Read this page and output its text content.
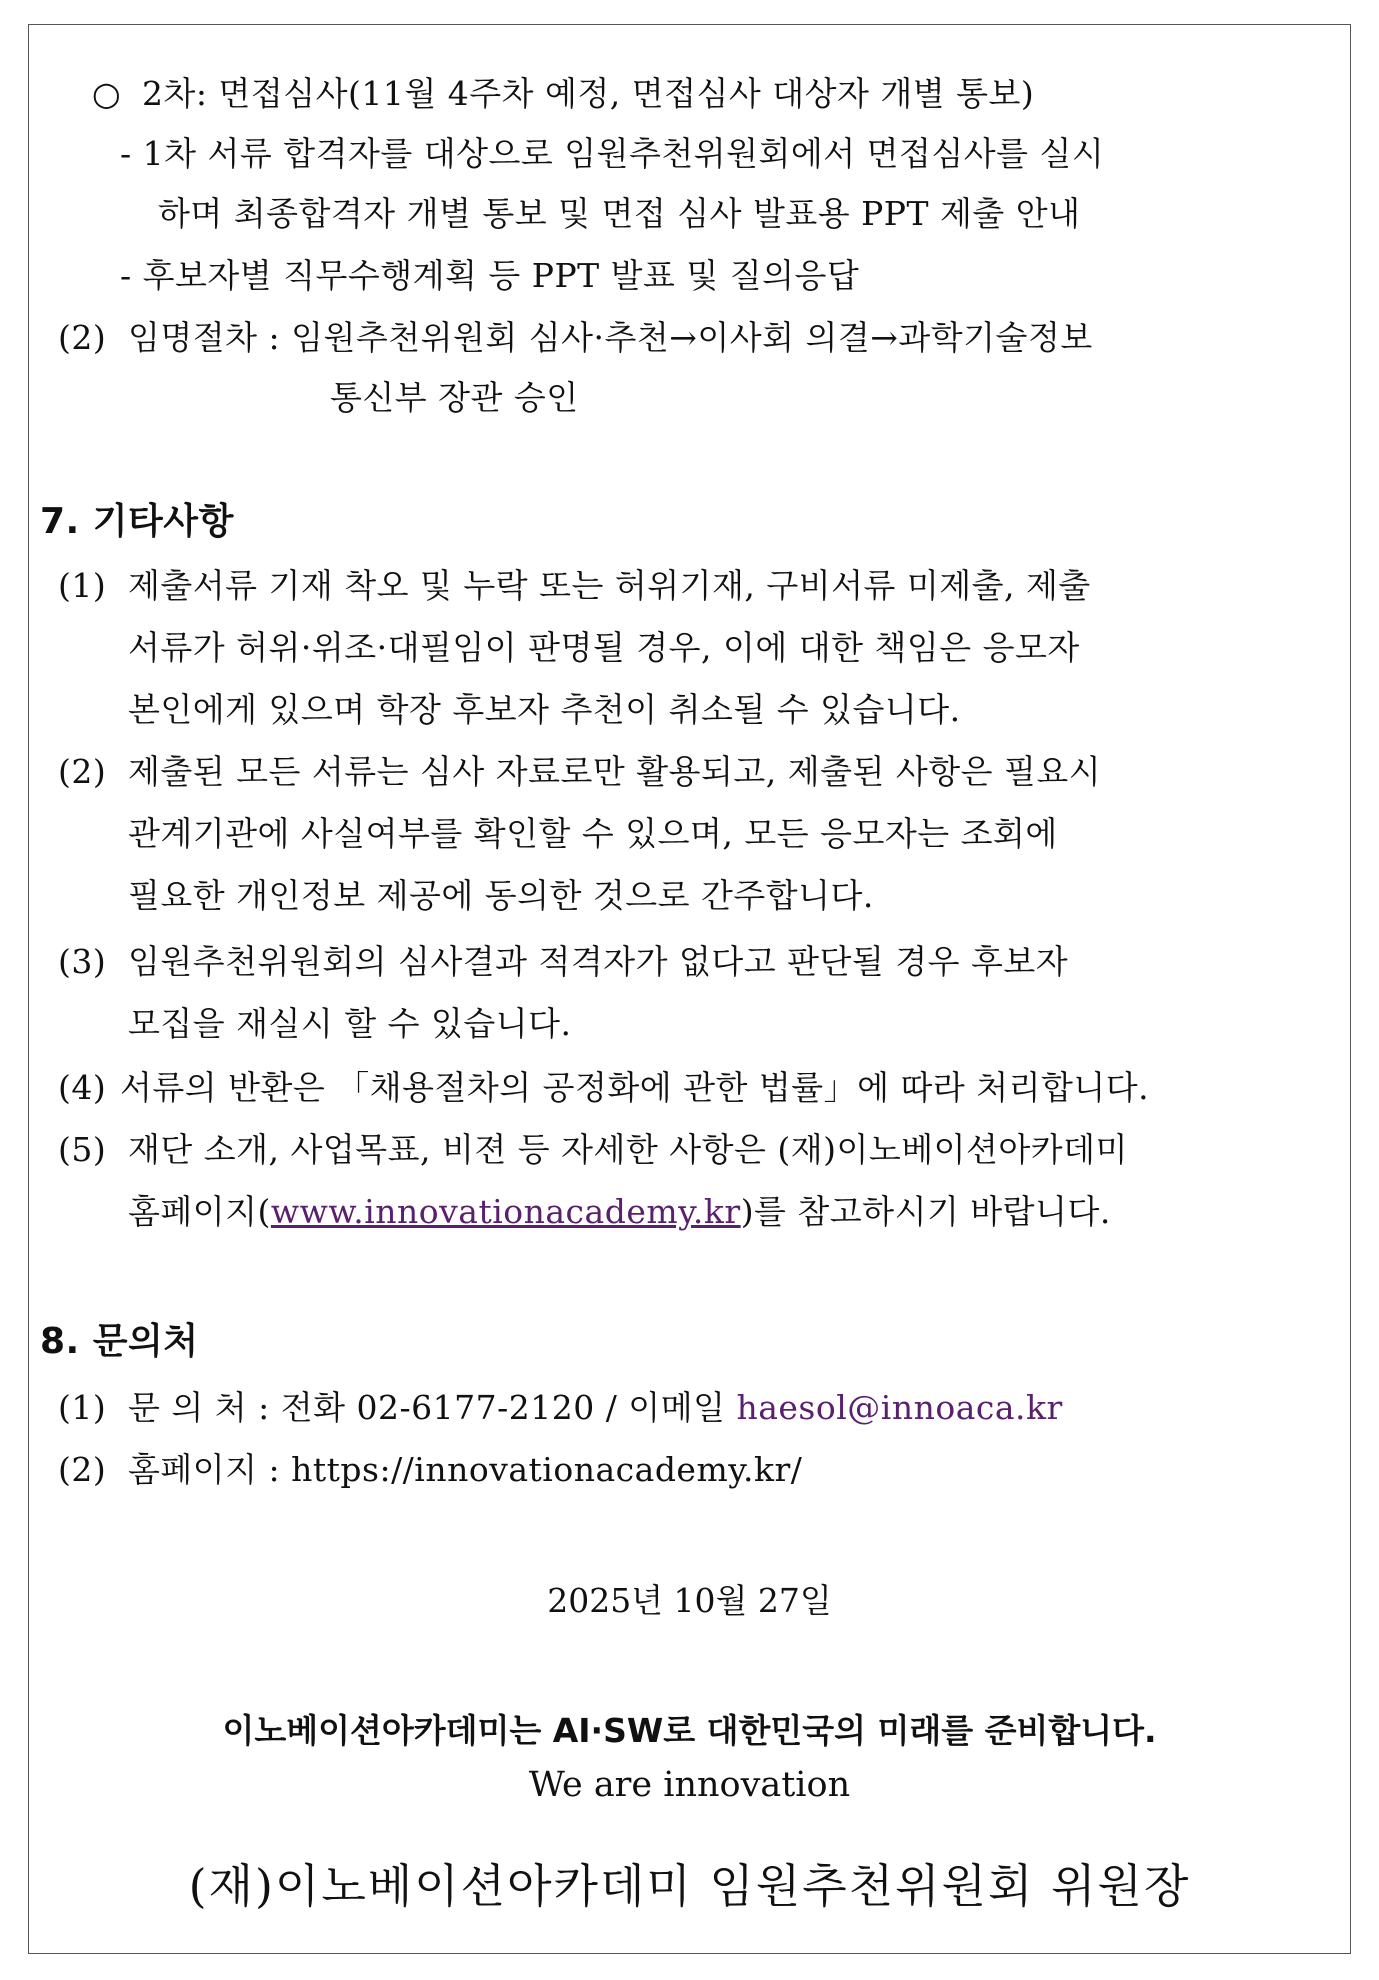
○ 2차: 면접심사(11월 4주차 예정, 면접심사 대상자 개별 통보)
- 1차 서류 합격자를 대상으로 임원추천위원회에서 면접심사를 실시
하며 최종합격자 개별 통보 및 면접 심사 발표용 PPT 제출 안내
- 후보자별 직무수행계획 등 PPT 발표 및 질의응답
(2) 임명절차 : 임원추천위원회 심사·추천→이사회 의결→과학기술정보
통신부 장관 승인
7. 기타사항
(1) 제출서류 기재 착오 및 누락 또는 허위기재, 구비서류 미제출, 제출
서류가 허위·위조·대필임이 판명될 경우, 이에 대한 책임은 응모자
본인에게 있으며 학장 후보자 추천이 취소될 수 있습니다.
(2) 제출된 모든 서류는 심사 자료로만 활용되고, 제출된 사항은 필요시
관계기관에 사실여부를 확인할 수 있으며, 모든 응모자는 조회에
필요한 개인정보 제공에 동의한 것으로 간주합니다.
(3) 임원추천위원회의 심사결과 적격자가 없다고 판단될 경우 후보자
모집을 재실시 할 수 있습니다.
(4) 서류의 반환은 「채용절차의 공정화에 관한 법률」에 따라 처리합니다.
(5) 재단 소개, 사업목표, 비젼 등 자세한 사항은 (재)이노베이션아카데미
홈페이지(www.innovationacademy.kr)를 참고하시기 바랍니다.
8. 문의처
(1) 문 의 처 : 전화 02-6177-2120 / 이메일 haesol@innoaca.kr
(2) 홈페이지 : https://innovationacademy.kr/
2025년 10월 27일
이노베이션아카데미는 AI·SW로 대한민국의 미래를 준비합니다.
We are innovation
(재)이노베이션아카데미 임원추천위원회 위원장
